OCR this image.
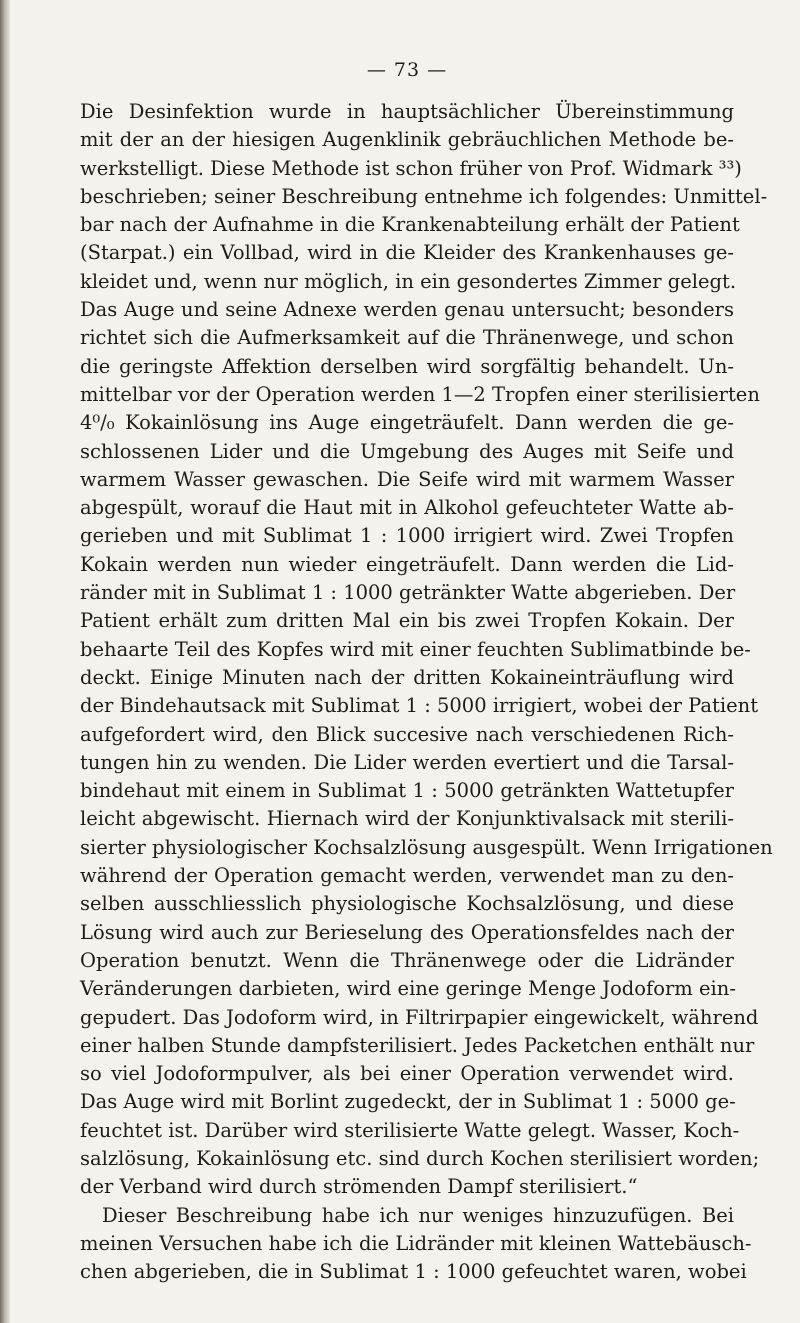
— 73 —
Die Desinfektion wurde in hauptsächlicher Übereinstimmung
mit der an der hiesigen Augenklinik gebräuchlichen Methode be-
werkstelligt. Diese Methode ist schon früher von Prof. Widmark ³³)
beschrieben; seiner Beschreibung entnehme ich folgendes: Unmittel-
bar nach der Aufnahme in die Krankenabteilung erhält der Patient
(Starpat.) ein Vollbad, wird in die Kleider des Krankenhauses ge-
kleidet und, wenn nur möglich, in ein gesondertes Zimmer gelegt.
Das Auge und seine Adnexe werden genau untersucht; besonders
richtet sich die Aufmerksamkeit auf die Thränenwege, und schon
die geringste Affektion derselben wird sorgfältig behandelt. Un-
mittelbar vor der Operation werden 1—2 Tropfen einer sterilisierten
4⁰/₀ Kokainlösung ins Auge eingeträufelt. Dann werden die ge-
schlossenen Lider und die Umgebung des Auges mit Seife und
warmem Wasser gewaschen. Die Seife wird mit warmem Wasser
abgespült, worauf die Haut mit in Alkohol gefeuchteter Watte ab-
gerieben und mit Sublimat 1 : 1000 irrigiert wird. Zwei Tropfen
Kokain werden nun wieder eingeträufelt. Dann werden die Lid-
ränder mit in Sublimat 1 : 1000 getränkter Watte abgerieben. Der
Patient erhält zum dritten Mal ein bis zwei Tropfen Kokain. Der
behaarte Teil des Kopfes wird mit einer feuchten Sublimatbinde be-
deckt. Einige Minuten nach der dritten Kokaineinträuflung wird
der Bindehautsack mit Sublimat 1 : 5000 irrigiert, wobei der Patient
aufgefordert wird, den Blick succesive nach verschiedenen Rich-
tungen hin zu wenden. Die Lider werden evertiert und die Tarsal-
bindehaut mit einem in Sublimat 1 : 5000 getränkten Wattetupfer
leicht abgewischt. Hiernach wird der Konjunktivalsack mit sterili-
sierter physiologischer Kochsalzlösung ausgespült. Wenn Irrigationen
während der Operation gemacht werden, verwendet man zu den-
selben ausschliesslich physiologische Kochsalzlösung, und diese
Lösung wird auch zur Berieselung des Operationsfeldes nach der
Operation benutzt. Wenn die Thränenwege oder die Lidränder
Veränderungen darbieten, wird eine geringe Menge Jodoform ein-
gepudert. Das Jodoform wird, in Filtrirpapier eingewickelt, während
einer halben Stunde dampfsterilisiert. Jedes Packetchen enthält nur
so viel Jodoformpulver, als bei einer Operation verwendet wird.
Das Auge wird mit Borlint zugedeckt, der in Sublimat 1 : 5000 ge-
feuchtet ist. Darüber wird sterilisierte Watte gelegt. Wasser, Koch-
salzlösung, Kokainlösung etc. sind durch Kochen sterilisiert worden;
der Verband wird durch strömenden Dampf sterilisiert.“
Dieser Beschreibung habe ich nur weniges hinzuzufügen. Bei
meinen Versuchen habe ich die Lidränder mit kleinen Wattebäusch-
chen abgerieben, die in Sublimat 1 : 1000 gefeuchtet waren, wobei
